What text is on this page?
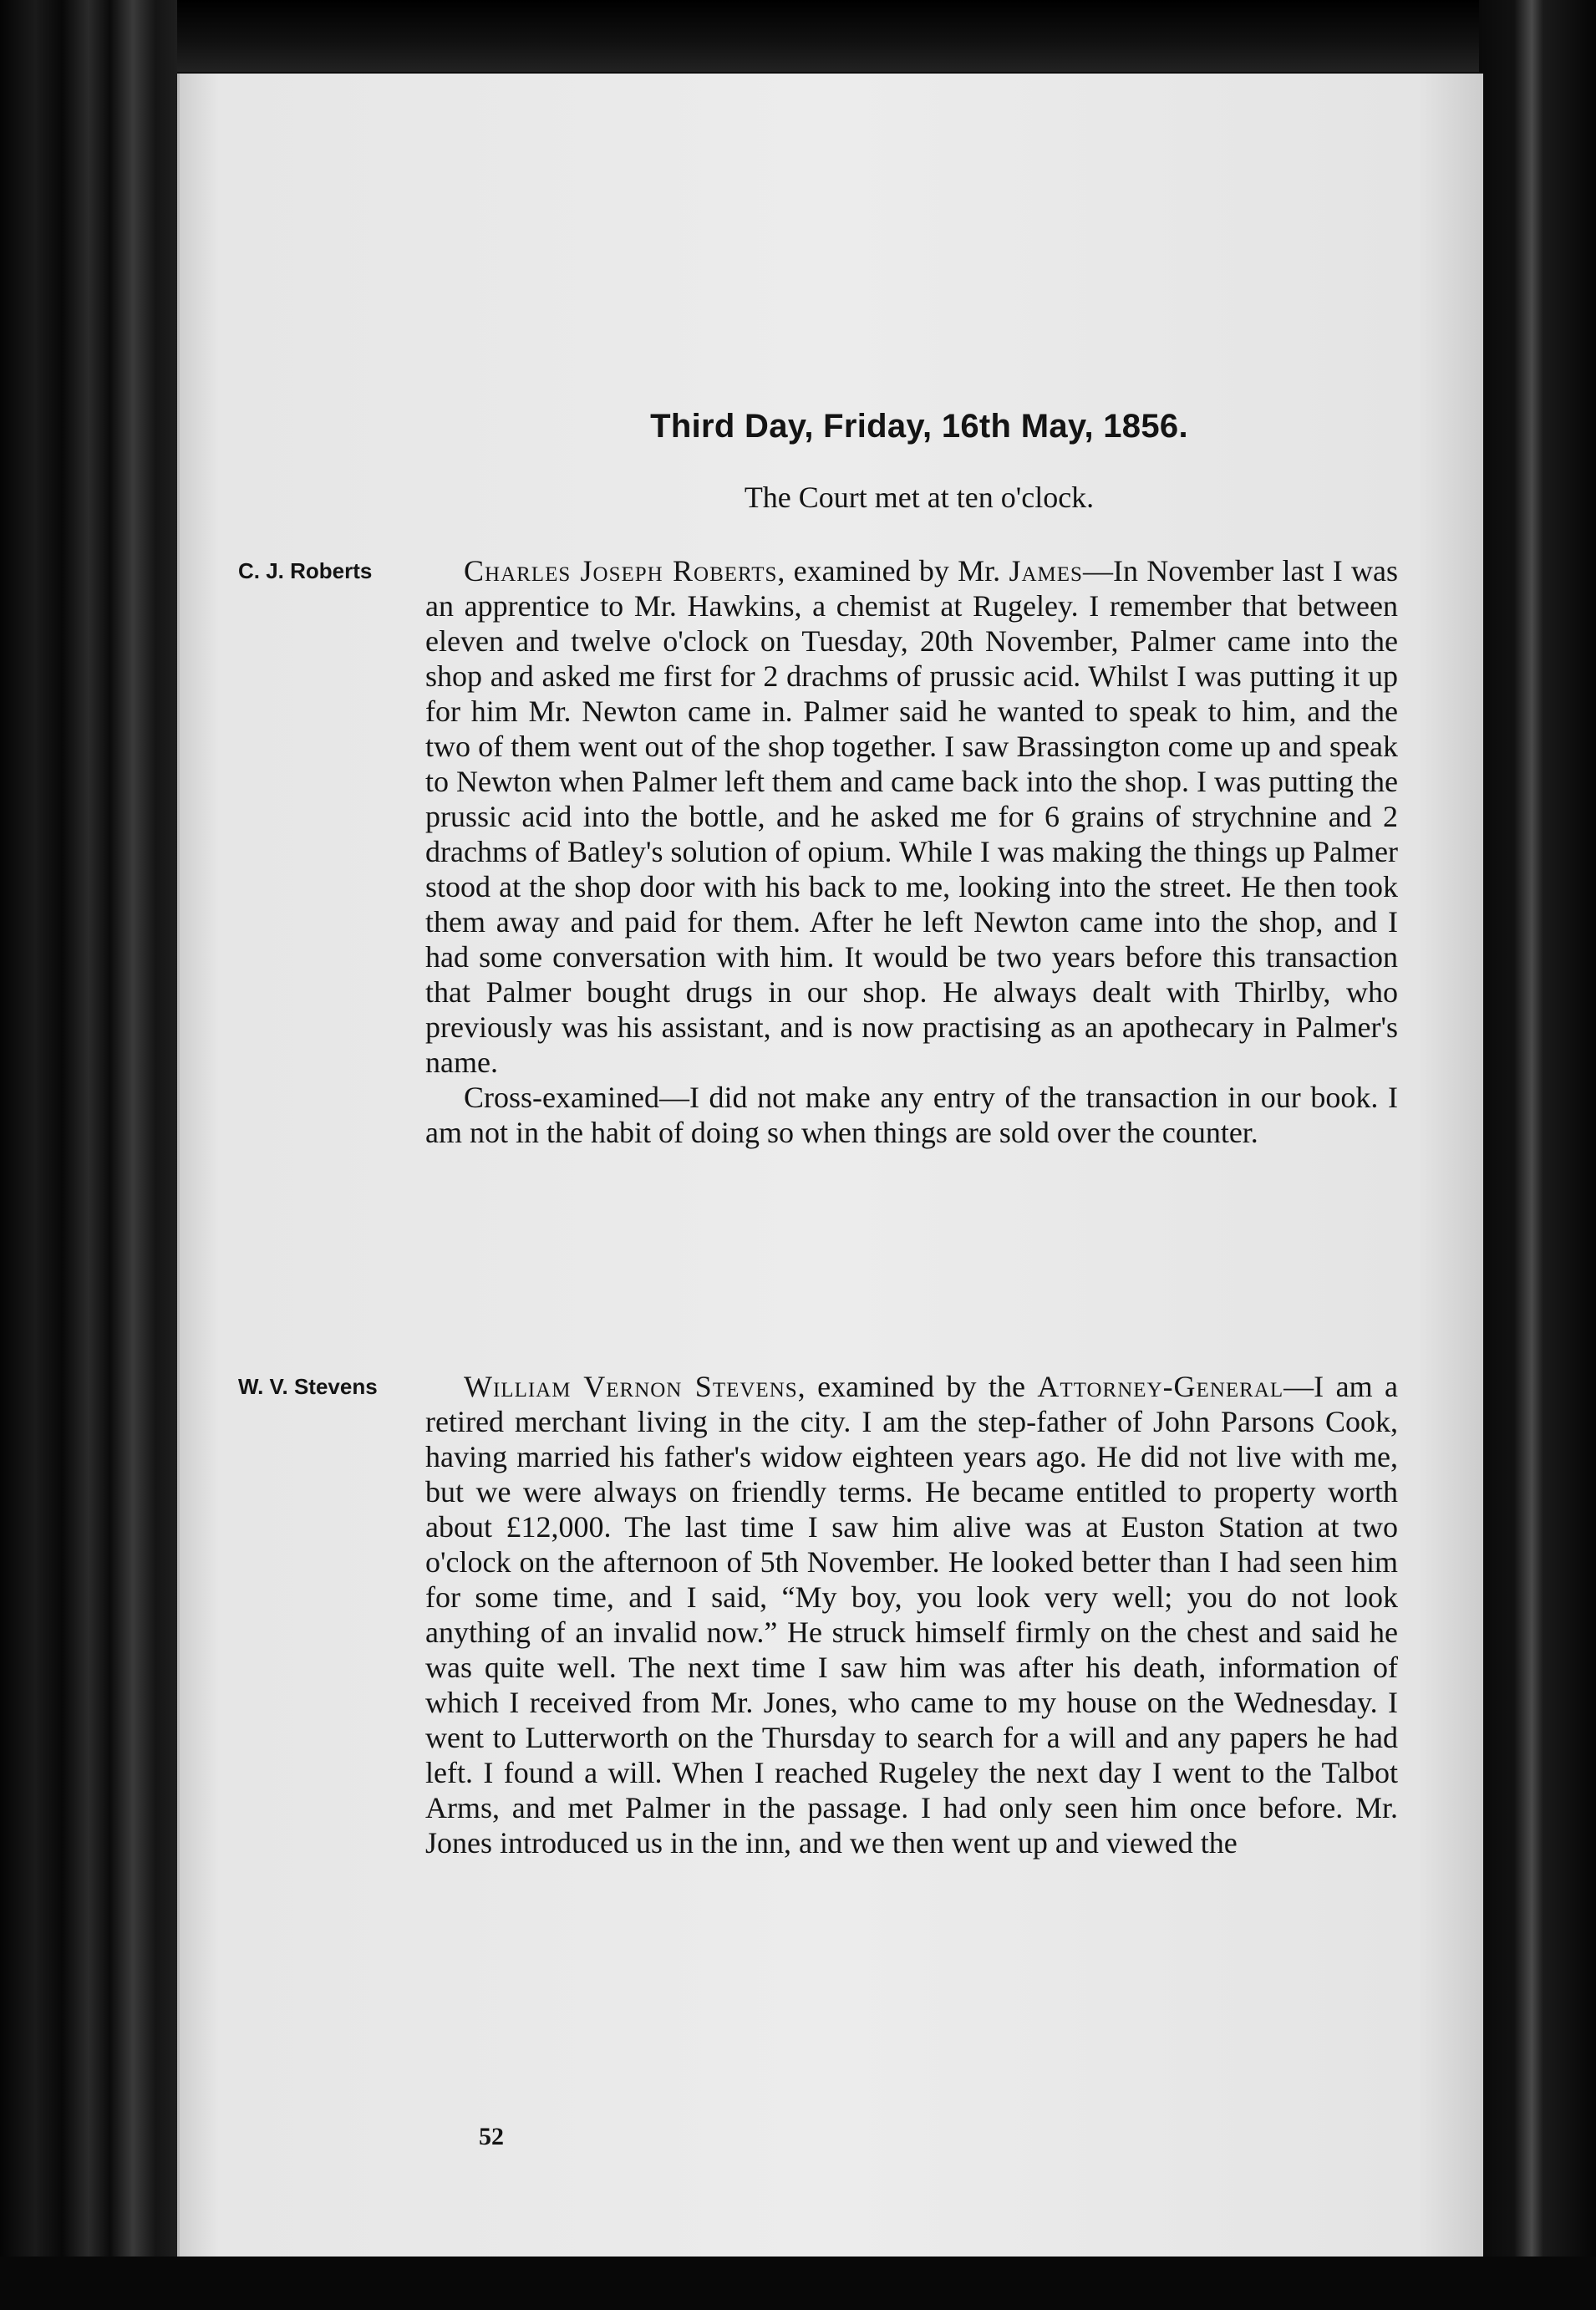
Third Day, Friday, 16th May, 1856.
The Court met at ten o'clock.
C. J. Roberts	Charles Joseph Roberts, examined by Mr. James—In November last I was an apprentice to Mr. Hawkins, a chemist at Rugeley. I remember that between eleven and twelve o'clock on Tuesday, 20th November, Palmer came into the shop and asked me first for 2 drachms of prussic acid. Whilst I was putting it up for him Mr. Newton came in. Palmer said he wanted to speak to him, and the two of them went out of the shop together. I saw Brassington come up and speak to Newton when Palmer left them and came back into the shop. I was putting the prussic acid into the bottle, and he asked me for 6 grains of strychnine and 2 drachms of Batley's solution of opium. While I was making the things up Palmer stood at the shop door with his back to me, looking into the street. He then took them away and paid for them. After he left Newton came into the shop, and I had some conversation with him. It would be two years before this transaction that Palmer bought drugs in our shop. He always dealt with Thirlby, who previously was his assistant, and is now practising as an apothecary in Palmer's name.

Cross-examined—I did not make any entry of the transaction in our book. I am not in the habit of doing so when things are sold over the counter.

W. V. Stevens	William Vernon Stevens, examined by the Attorney-General—I am a retired merchant living in the city. I am the step-father of John Parsons Cook, having married his father's widow eighteen years ago. He did not live with me, but we were always on friendly terms. He became entitled to property worth about £12,000. The last time I saw him alive was at Euston Station at two o'clock on the afternoon of 5th November. He looked better than I had seen him for some time, and I said, “My boy, you look very well; you do not look anything of an invalid now.” He struck himself firmly on the chest and said he was quite well. The next time I saw him was after his death, information of which I received from Mr. Jones, who came to my house on the Wednesday. I went to Lutterworth on the Thursday to search for a will and any papers he had left. I found a will. When I reached Rugeley the next day I went to the Talbot Arms, and met Palmer in the passage. I had only seen him once before. Mr. Jones introduced us in the inn, and we then went up and viewed the

52
